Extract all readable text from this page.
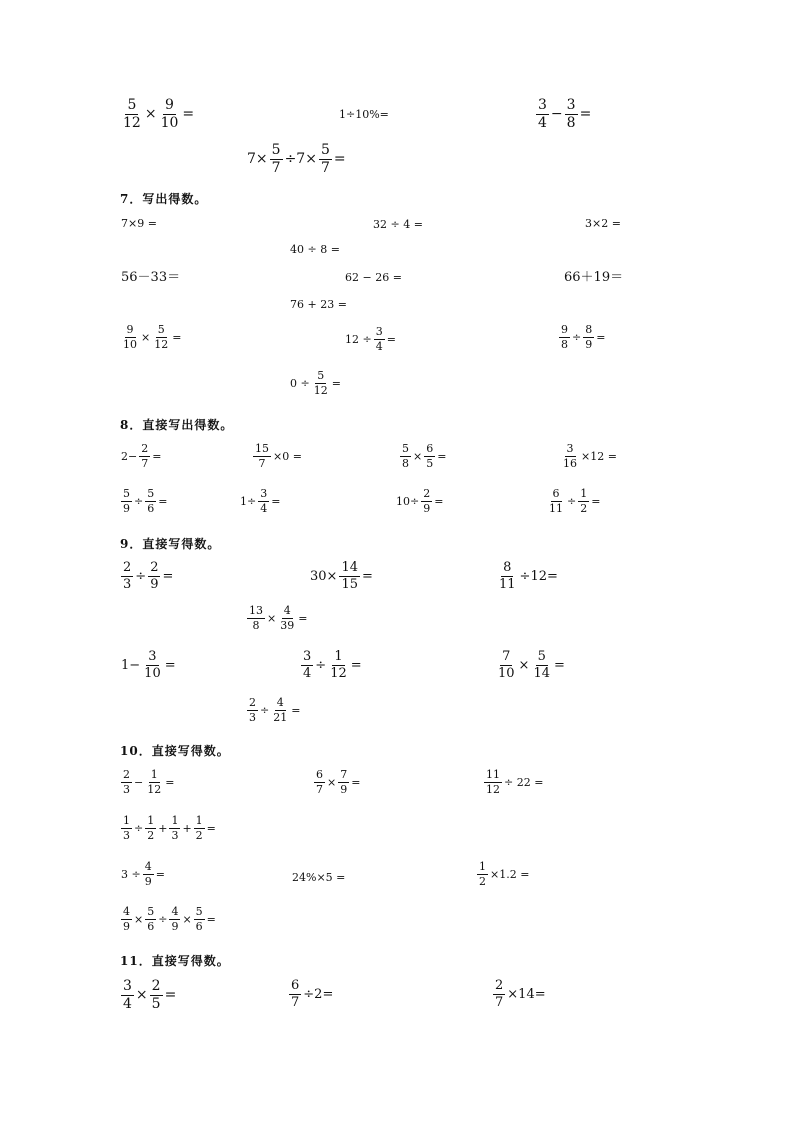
$\frac{5}{12} \times \frac{9}{10}$ =	1÷10%=	$\frac{3}{4} - \frac{3}{8}$ =
$7\times \frac{5}{7} \div 7\times \frac{5}{7}$ =
7．写出得数。
7×9 =	32 ÷ 4 =	3×2 =
40 ÷ 8 =
56－33＝	62 − 26 =	66＋19＝
76 + 23 =
$\frac{9}{10} \times \frac{5}{12}$ =	$12 \div \frac{3}{4}$ =	$\frac{9}{8} \div \frac{8}{9}$ =
$0 \div \frac{5}{12}$ =
8．直接写出得数。
$2- \frac{2}{7}$ =	$\frac{15}{7} \times 0$ =	$\frac{5}{8} \times \frac{6}{5}$ =	$\frac{3}{16} \times 12$ =
$\frac{5}{9} \div \frac{5}{6}$ =	$1\div \frac{3}{4}$ =	$10\div \frac{2}{9}$ =	$\frac{6}{11} \div \frac{1}{2}$ =
9．直接写得数。
$\frac{2}{3} \div \frac{2}{9}$ =	$30\times \frac{14}{15}$ =	$\frac{8}{11} \div 12=$
$\frac{13}{8} \times \frac{4}{39}$ =
$1- \frac{3}{10}$ =	$\frac{3}{4} \div \frac{1}{12}$ =	$\frac{7}{10} \times \frac{5}{14}$ =
$\frac{2}{3} \div \frac{4}{21}$ =
10．直接写得数。
$\frac{2}{3} - \frac{1}{12}$ =	$\frac{6}{7} \times \frac{7}{9}$ =	$\frac{11}{12} \div 22$ =
$\frac{1}{3} \div \frac{1}{2} + \frac{1}{3} + \frac{1}{2}$ =
$3 \div \frac{4}{9}$ =	24%×5 =	$\frac{1}{2} \times 1.2$ =
$\frac{4}{9} \times \frac{5}{6} \div \frac{4}{9} \times \frac{5}{6}$ =
11．直接写得数。
$\frac{3}{4} \times \frac{2}{5}$ =	$\frac{6}{7} \div 2=$	$\frac{2}{7} \times 14=$
